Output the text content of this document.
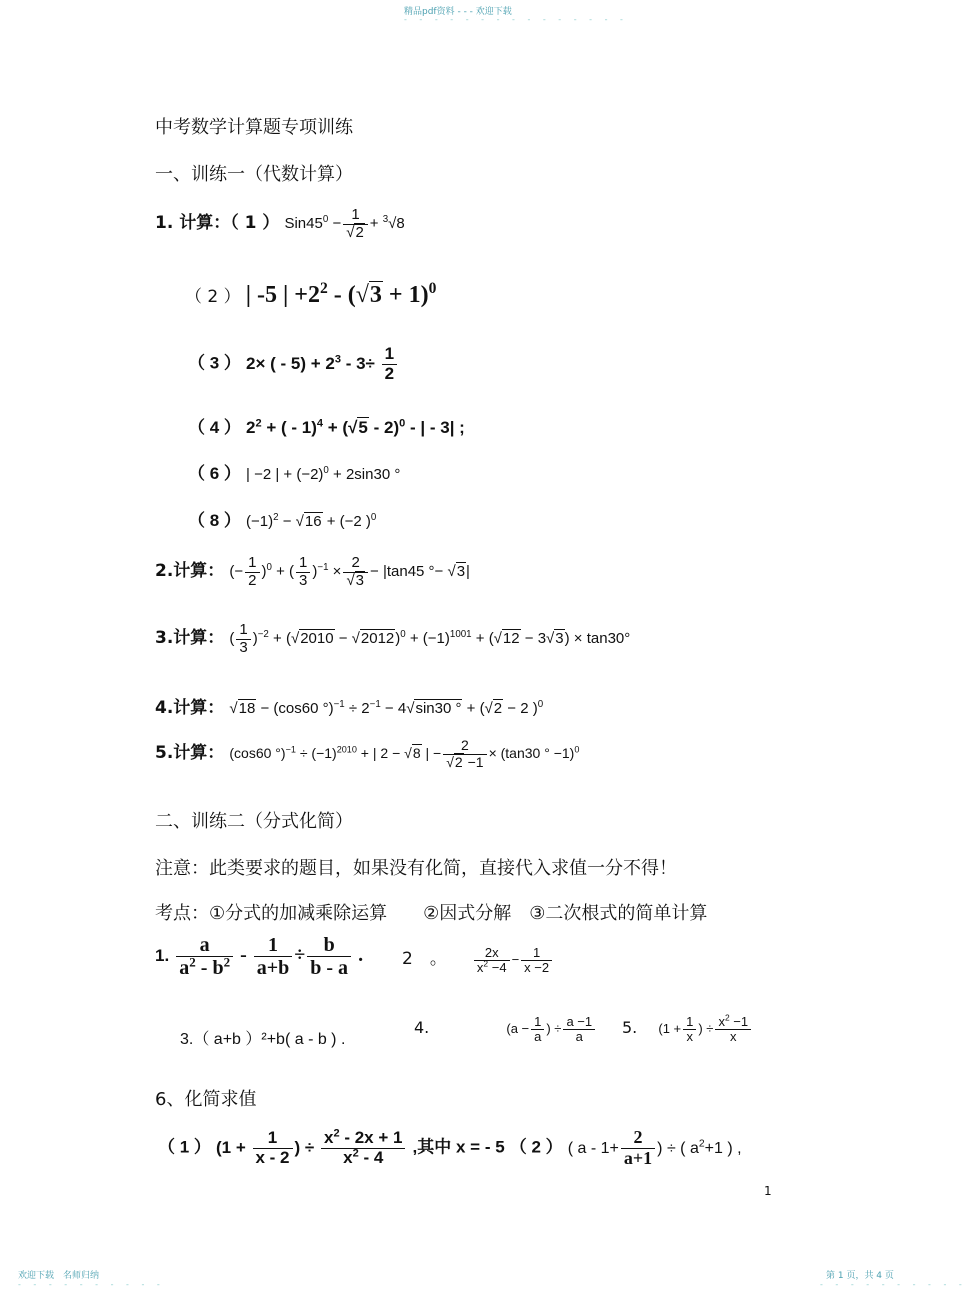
精品pdf资料 - - - 欢迎下载
- - - - - - - - - - - - - - -
中考数学计算题专项训练
一、训练一（代数计算）
1. 计算：（ 1 ） $Sin45^0 - \frac{1}{√2} + ^3√8$
（ 2 ） | -5 | $+2^2 - (√3 + 1)^0$
（ 3 ） 2× ( - $5) + 2^3 - 3\div \frac{1}{2}$
（ 4 ） $2^2$ + ( - 1)$^4$ + (√5 - 2)$^0$ - | - 3| ;
（ 6 ） | −2 | + $(-2)^0 + 2\sin 30$ °
（ 8 ） $(-1)^2 - √16 + (-2$ )$^0$
2.计算： (− $\frac{1}{2} )^0$ + ( $\frac{1}{3} )^{-1} \times \frac{2}{√3} - |\tan 45$ °− √3|
3.计算： ( $\frac{1}{3} )^{-2} + (√2010 - √2012)^0 + (-1)^{1001} + (√12 - 3√3) \times \tan 30^\circ$
4.计算： √18 − (cos60 $^\circ)^{-1} \div 2^{-1} - 4√\sin 30$ ° + (√2 − 2 )$^0$
5.计算： (cos60 $^\circ)^{-1} \div (-1)^{2010}$ + | 2 − √8 | − $\frac{2}{√2 -1} \times (\tan 30$ ° −1)$^0$
二、训练二（分式化简）
注意：此类要求的题目，如果没有化简，直接代入求值一分不得！
考点：①分式的加减乘除运算　　②因式分解　③二次根式的简单计算
1. $\frac{a}{a^2 - b^2} - \frac{1}{a+b} \div \frac{b}{b - a}$ . 2　。 $\frac{2x}{x^2 -4} - \frac{1}{x -2}$
3.（ a+b ）²+b( a - b ) .
4.	($a - \frac{1}{a}$ ) ÷ $\frac{a -1}{a} 5$. ($1 + \frac{1}{x}$ ) ÷ $\frac{x^2 -1}{x}$
6、化简求值
（ 1 ） ($1 + \frac{1}{x - 2}$ ) ÷ $\frac{x^2 - 2x + 1}{x^2 - 4}$ ,其中 x = - 5 （ 2 ） ( $a - 1+ \frac{2}{a+1}$ ) ÷ ( $a^2+1$ ) ,
1
欢迎下载　名师归纳
- - - - - - - - - -
第 1 页，共 4 页
- - - - - - - - - -
